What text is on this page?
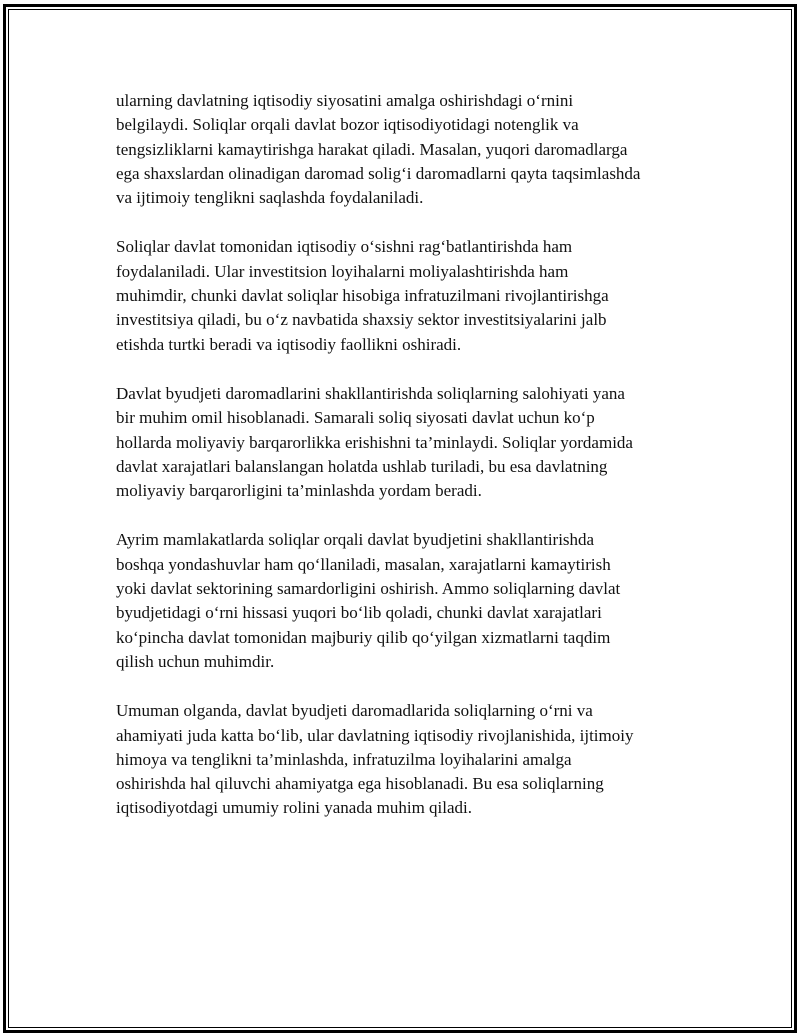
ularning davlatning iqtisodiy siyosatini amalga oshirishdagi o‘rnini
belgilaydi. Soliqlar orqali davlat bozor iqtisodiyotidagi notenglik va
tengsizliklarni kamaytirishga harakat qiladi. Masalan, yuqori daromadlarga
ega shaxslardan olinadigan daromad solig‘i daromadlarni qayta taqsimlashda
va ijtimoiy tenglikni saqlashda foydalaniladi.

Soliqlar davlat tomonidan iqtisodiy o‘sishni rag‘batlantirishda ham
foydalaniladi. Ular investitsion loyihalarni moliyalashtirishda ham
muhimdir, chunki davlat soliqlar hisobiga infratuzilmani rivojlantirishga
investitsiya qiladi, bu o‘z navbatida shaxsiy sektor investitsiyalarini jalb
etishda turtki beradi va iqtisodiy faollikni oshiradi.

Davlat byudjeti daromadlarini shakllantirishda soliqlarning salohiyati yana
bir muhim omil hisoblanadi. Samarali soliq siyosati davlat uchun ko‘p
hollarda moliyaviy barqarorlikka erishishni ta’minlaydi. Soliqlar yordamida
davlat xarajatlari balanslangan holatda ushlab turiladi, bu esa davlatning
moliyaviy barqarorligini ta’minlashda yordam beradi.

Ayrim mamlakatlarda soliqlar orqali davlat byudjetini shakllantirishda
boshqa yondashuvlar ham qo‘llaniladi, masalan, xarajatlarni kamaytirish
yoki davlat sektorining samardorligini oshirish. Ammo soliqlarning davlat
byudjetidagi o‘rni hissasi yuqori bo‘lib qoladi, chunki davlat xarajatlari
ko‘pincha davlat tomonidan majburiy qilib qo‘yilgan xizmatlarni taqdim
qilish uchun muhimdir.

Umuman olganda, davlat byudjeti daromadlarida soliqlarning o‘rni va
ahamiyati juda katta bo‘lib, ular davlatning iqtisodiy rivojlanishida, ijtimoiy
himoya va tenglikni ta’minlashda, infratuzilma loyihalarini amalga
oshirishda hal qiluvchi ahamiyatga ega hisoblanadi. Bu esa soliqlarning
iqtisodiyotdagi umumiy rolini yanada muhim qiladi.
